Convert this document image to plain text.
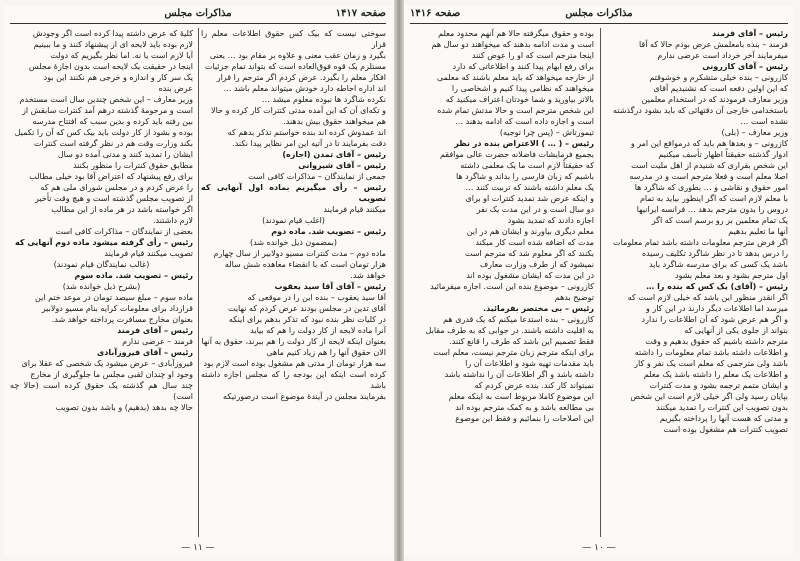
صفحه ۱۴۱۷
مذاکرات مجلس

سوختی نیست که بیک کس حقوق اطلاعات معلم را قرار

بگیرد و زمان عقب معنی و علاوه بر مقام بود … یعنی

مستلزم یک قوه فوق‌العاده است که بتواند تمام جزئیات

افکار معلم را بگیرد. عرض کردم اگر مترجم را قرار

اند اداره احاطه دارد خودش میتواند معلم باشد …

نکرده شاگرد ها نبوده معلوم میشد …

و تکه‌ای آن که این آمده مدتی کنترات کار کرده و حالا

هم میخواهند حقوق بیش بدهند.

اند عمدوش کرده اند بنده خواستم تذکر بدهم که

دقت بفرمایند تا در آتیه این امر نظایر پیدا نکند.

رئیس – آقای تمدن (اجازه)

رئیس – آقای شیروانی

جمعی از نمایندگان – مذاکرات کافی است

رئیس – رأی میگیریم بماده اول آنهایی که تصویب

میکنند قیام فرمایند

(اغلب قیام نمودند)

رئیس – تصویب شد. ماده دوم

(بمضمون ذیل خوانده شد)

ماده دوم – مدت کنترات مسیو دولابیر از سال چهارم

هزار تومان است که با انقضاء معاهده شش ساله

خواهد شد.

رئیس – آقای آقا سید یعقوب

آقا سید یعقوب – بنده این را در موقعی که

آقای تدین در مجلس بودند عرض کردم که نهایت

در کلیات نظر بنده نبود که تذکر بدهم برای اینکه

آنرا ماده لایحه از کار دولت را هم که بیاید

بعنوان اینکه لایحه از کار دولت را هم ببرند، حقوق به آنها

الان حقوق آنها را هم زیاد کنیم ماهی

سه هزار تومان از مدتی هم مشغول بوده است لازم بود

کرده است اینکه این بودجه را که مجلس اجازه داشته باشد

بفرمایند مجلس در آیندهٔ موضوع است درصورتیکه

کلیهٔ که عرض داشته پیدا کرده است اگر وجودش

لازم بوده باید لایحه ای از پیشنهاد کنند و ما ببینیم

آیا لازم است یا نه. اما نظر بگیریم که دولت

اینجا در حقیقت یک لایحه است بدون اجازهٔ مجلس

یک سر کار و اندازه و خرجی هم نکنند این بود

عرض بنده

وزیر معارف – این شخص چندین سال است مستخدم

است و مرحومهٔ گذشته درهم آمد کنترات سابقش از

بین رفته باید کرده و بدین سبب که افتتاح مدرسه

بوده و بشود از کار دولت باید بیک کس که آن را تکمیل

بکند وزارت وقت هم در نظر گرفته است کنترات

ایشان را تمدید کنند و مدتی آمده دو سال

مطابق حقوق کنترات را منظور بکنند

برای رفع پیشنهاد که اعتراض آقا بود خیلی مطالب

را عرض کردم و در مجلس شورای ملی هم که

از تصویب مجلس گذشته است و هیچ وقت تأخیر

اگر خواسته باشد در هر ماده از این مطالب

لازم داشتند.

بعضی از نمایندگان – مذاکرات کافی است

رئیس – رأی گرفته میشود ماده دوم آنهایی که

تصویب میکنند قیام فرمایند

(غالب نمایندگان قیام نمودند)

رئیس – تصویب شد. ماده سوم

(بشرح ذیل خوانده شد)

ماده سوم – مبلغ سیصد تومان در موعد ختم این

قرارداد برای معلومات کرایه بنام مسیو دولابیر

بعنوان مخارج مسافرت پرداخته خواهد شد.

رئیس – آقای فرمند

فرمند – عرضی ندارم

رئیس – آقای فیروزآبادی

فیروزآبادی – عرض میشود یک شخصی که عقلا برای

وجود او چندان لقبی مجلس ما جلوگیری از مخارج

چند سال هم گذشته یک حقوق کرده است (حالا چه است)

حالا چه بدهد (بدهیم) و باشد بدون تصویب

— ۱۱ —
صفحه ۱۴۱۶	مذاکرات مجلس

رئیس – آقای فرمند

فرمند – بنده بامعلمش عرض بودم حالا که آقا

میفرمایند آخر خرداد است عرضی ندارم

رئیس – آقای کازرونی

کازرونی – بنده خیلی متشکرم و خوشوقتم

که این اولین دفعه است که نشنیدیم آقای

وزیر معارف فرمودند که در استخدام معلمین

باستخدامی خارجی آن دقتهائی که باید بشود درگذشته

نشده است …

وزیر معارف – (بلی)

کازرونی – و بعدها هم باید که درمواقع این امر و

ادوار گذشته حقیقتاً اظهار تأسف میکنیم

این شخص بقراری که شنیدم از اهل ملیت است

اصلا معلم است و فعلا مترجم است و در مدرسه

امور حقوق و نقاشی و … بطوری که شاگرد ها

با معلم لازم است که اگر اینطور بیاید به تمام

دروس را بدون مترجم بدهد … فرانسه ایرانیها

یک تمام معلمین بر رو برسم است که اگر

آنها ما تعلیم بدهیم

اگر فرض مترجم معلومات داشته باشد تمام معلومات

را درس بدهد تا در نظر شاگرد تکلیف رسیده

باشد یک کسی که برای مدرسه شاگرد باید

اول مترجم بشود و بعد معلم بشود

رئیس – (آقای) یک کس که بنده را …

اگر انقدر منظور این باشد که خیلی لازم است که

میرسد اما اطلاعات دیگر دارند در این کار و

و اگر هم عرض شود که آن اطلاعات را ندارد

بتواند از جلوی یکی از آنهایی که

مترجم داشته باشیم که حقوق بدهیم و وقت

و اطلاعات داشته باشد تمام معلومات را داشته

باشد ولی مترجمی که معلم است یک نفر و کار

و اطلاعات یک معلم را داشته باشد یک معلم

و ایشان متمم ترجمه بشود و مدت کنترات

بپایان رسید ولی اگر خیلی لازم است این شخص

بدون تصویب این کنترات را تمدید میکنند

و مدتی که هست آنها را پرداخته بگیریم

تصویب کنترات هم مشغول بوده است

بوده و حقوق میگرفته حالا هم آنهم محدود معلم

است و مدت ادامه بدهند که میخواهند دو سال هم

اینجا مترجم است که او را عوض کنند

برای رفع ابهام پیدا کنند و اطلاعاتی که دارد

از خارجه میخواهد که باید معلم باشند که معلمی

میخواهند که نظامی پیدا کنیم و اشخاصی را

بالاتر بیاورید و شما خودتان اعتراف میکنید که

این شخص مترجم است و حالا مدتش تمام شده

است و اجازه داده است که ادامه بدهند …

تیمورتاش – (پس چرا توجیه)

رئیس – ( … ) الاعتراض بنده در نظر

بجمیع فرمایشات فاضلانه حضرت عالی موافقم

که حقیقتاً لازم است ما یک معلمی داشته

باشیم که زبان فارسی را بداند و شاگرد ها

یک معلم داشته باشند که تربیت کنند …

و اینکه عرض شد تمدید کنترات او برای

دو سال است و در این مدت یک نفر

اجازه دادند که تمدید بشود

معلم دیگری بیاورند و ایشان هم در این

مدت که اضافه شده است کار میکند

بکنند که اگر معلوم شد که مترجم است

نمیشود که از طرف وزارت معارف

در این مدت که ایشان مشغول بوده اند

کازرونی – موضوع بنده این است. اجازه میفرمائید

توضیح بدهم

رئیس – بی مختصر بفرمائید.

کازرونی – بنده استدعا میکنم که یک قدری هم

به اقلیت داشته باشند. در جوابی که به طرف مقابل

فقط تصمیم این باشد که طرف را قانع کنند.

برای اینکه مترجم زبان مترجم نیست، معلم است

باید مقدمات تهیه شود و اطلاعات آن را

داشته باشد و اگر اطلاعات آن را نداشته باشد

نمیتواند کار کند. بنده عرض کردم که

این موضوع کاملا مربوط است به اینکه معلم

بی مطالعه باشد و به کمک مترجم بوده اند

این اصلاحات را بنمائیم و فقط این موضوع

— ۱۰ —
